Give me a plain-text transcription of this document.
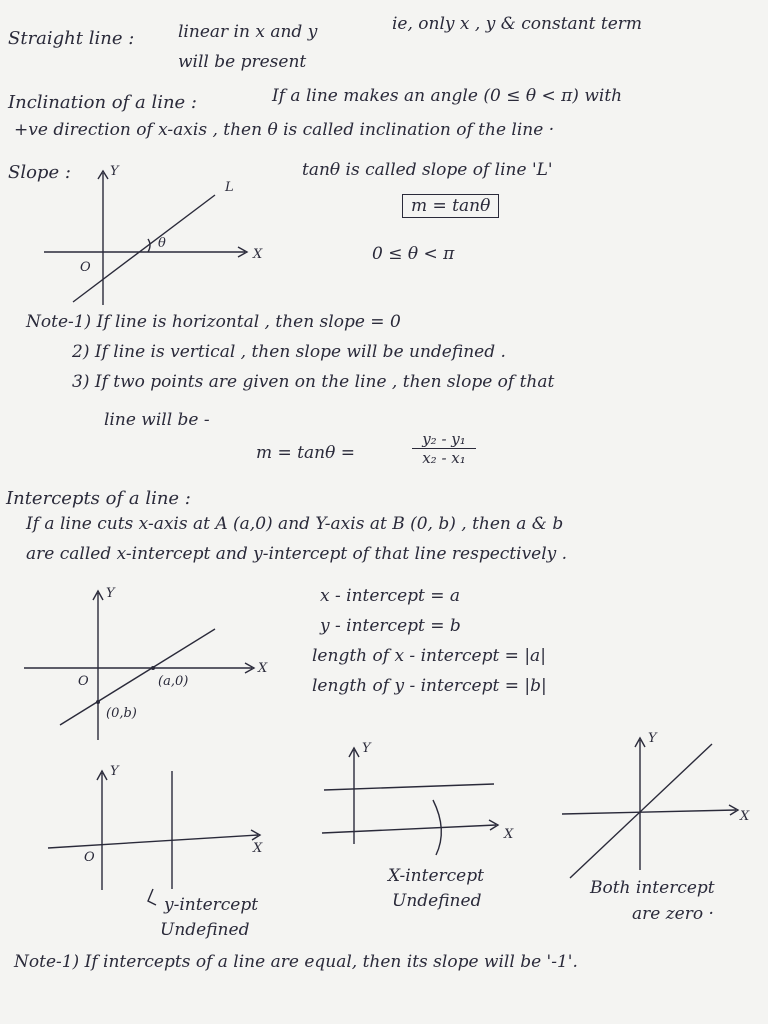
Straight line :	linear in x and y	ie, only x , y & constant term
will be present
Inclination of a line :	If a line makes an angle (0 ≤ θ < π) with
+ve direction of x-axis , then θ is called inclination of the line ·
Slope :	tanθ is called slope of line 'L'
m = tanθ
0 ≤ θ < π
Y
X
L
θ
O
Note-1) If line is horizontal , then slope = 0
2) If line is vertical , then slope will be undefined .
3) If two points are given on the line , then slope of that
line will be -
m = tanθ =	$\frac{\text{y₂ - y₁}}{\text{x₂ - x₁}}$
Intercepts of a line :
If a line cuts x-axis at A (a,0) and Y-axis at B (0, b) , then a & b
are called x-intercept and y-intercept of that line respectively .
Y
X
O	(a,0)
(0,b)
x - intercept = a
y - intercept = b
length of x - intercept = |a|
length of y - intercept = |b|
Y
X
O
y-intercept
Undefined
Y
X
X-intercept
Undefined
Y
X
Both intercept
are zero ·
Note-1) If intercepts of a line are equal, then its slope will be '-1'.
